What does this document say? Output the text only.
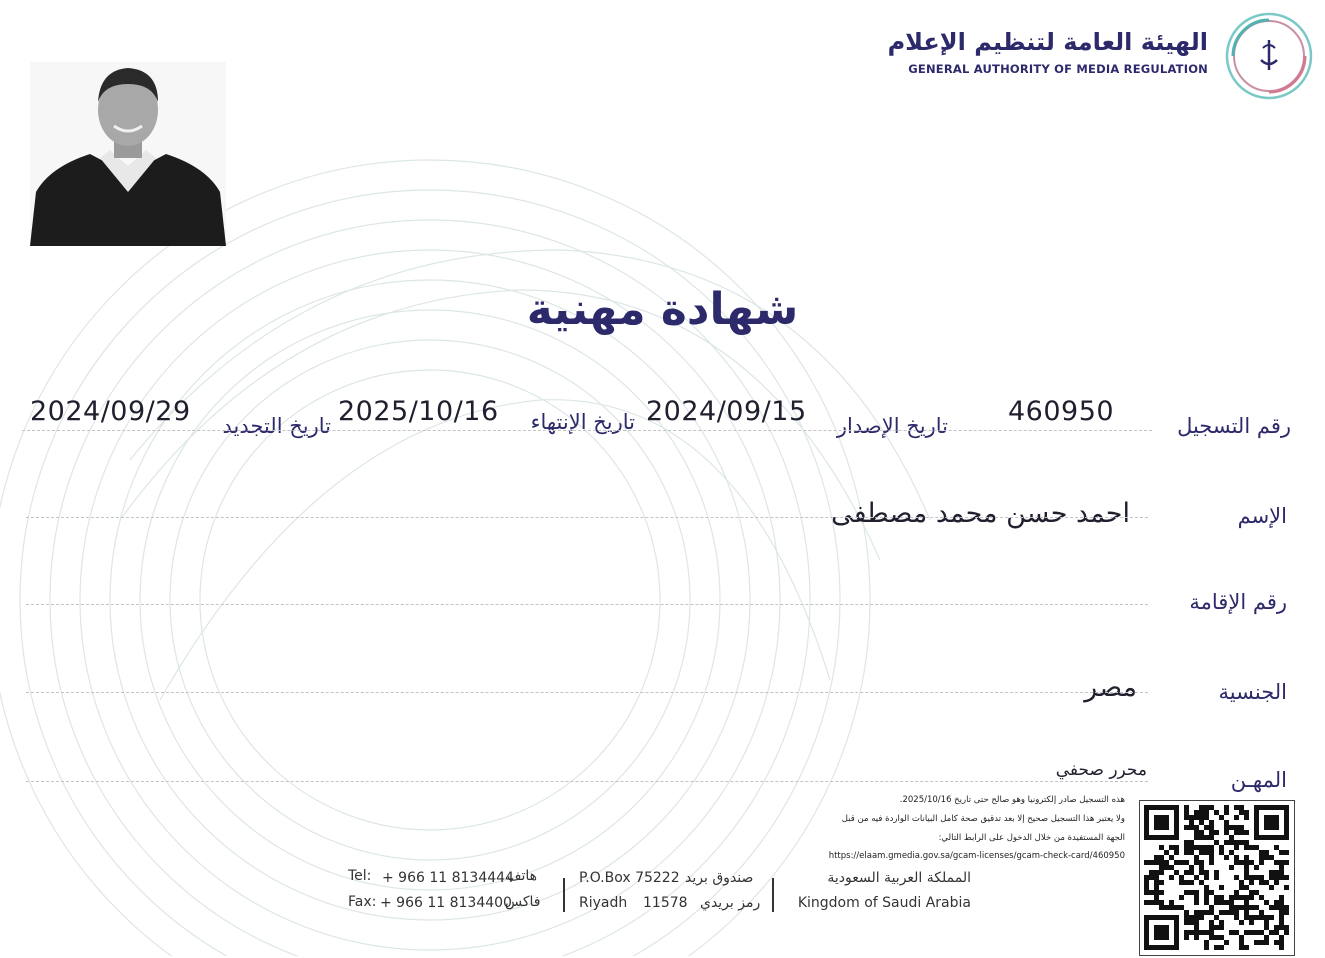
الهيئة العامة لتنظيم الإعلام
GENERAL AUTHORITY OF MEDIA REGULATION
شهادة مهنية
رقم التسجيل
460950
تاريخ الإصدار
2024/09/15
تاريخ الإنتهاء
2025/10/16
تاريخ التجديد
2024/09/29
الإسم
احمد حسن محمد مصطفى
رقم الإقامة
الجنسية
مصر
المهـن
محرر صحفي
هذه التسجيل صادر إلكترونيا وهو صالح حتى تاريخ 2025/10/16.
ولا يعتبر هذا التسجيل صحيح إلا بعد تدقيق صحة كامل البيانات الواردة فيه من قبل
الجهة المستفيدة من خلال الدخول على الرابط التالي:
https://elaam.gmedia.gov.sa/gcam-licenses/gcam-check-card/460950
المملكة العربية السعودية
Kingdom of Saudi Arabia
P.O.Box 75222 صندوق بريد
Riyadh 11578 رمز بريدي
Tel: + 966 11 8134444
هاتف
Fax: + 966 11 8134400
فاكس
